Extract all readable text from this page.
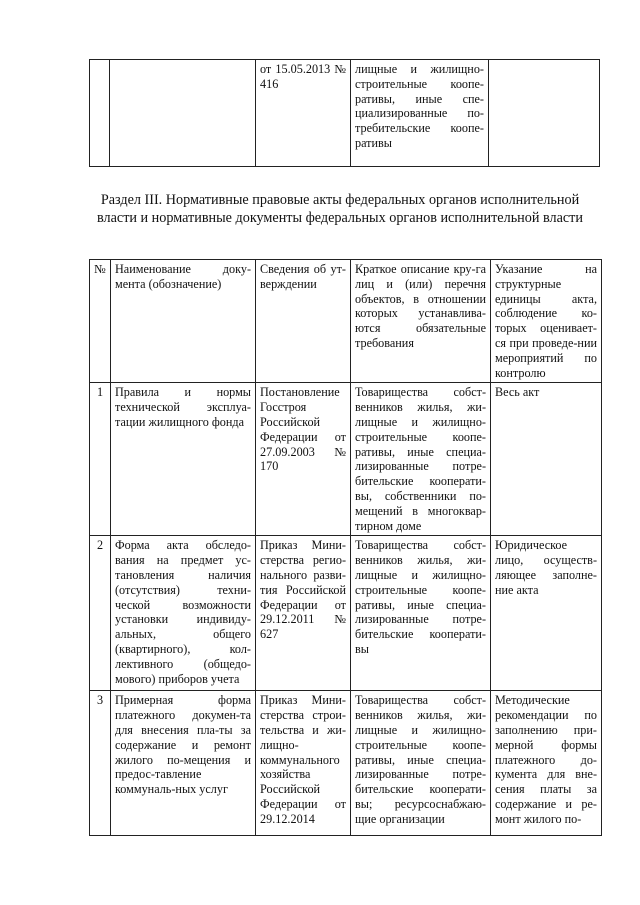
		от 15.05.2013 № 416	лищные и жилищно-строительные коопе-ративы, иные спе-циализированные по-требительские коопе-ративы	

Раздел III. Нормативные правовые акты федеральных органов исполнительной власти и нормативные документы федеральных органов исполнительной власти

№	Наименование доку-мента (обозначение)	Сведения об ут-верждении	Краткое описание кру-га лиц и (или) перечня объектов, в отношении которых устанавлива-ются обязательные требования	Указание на структурные единицы акта, соблюдение ко-торых оценивает-ся при проведе-нии мероприятий по контролю
1	Правила и нормы технической эксплуа-тации жилищного фонда	Постановление Госстроя Российской Федерации от 27.09.2003 № 170	Товарищества собст-венников жилья, жи-лищные и жилищно-строительные коопе-ративы, иные специа-лизированные потре-бительские кооперати-вы, собственники по-мещений в многоквар-тирном доме	Весь акт
2	Форма акта обследо-вания на предмет ус-тановления наличия (отсутствия) техни-ческой возможности установки индивиду-альных, общего (квартирного), кол-лективного (общедо-мового) приборов учета	Приказ Мини-стерства регио-нального разви-тия Российской Федерации от 29.12.2011 № 627	Товарищества собст-венников жилья, жи-лищные и жилищно-строительные коопе-ративы, иные специа-лизированные потре-бительские кооперати-вы	Юридическое лицо, осуществ-ляющее заполне-ние акта
3	Примерная форма платежного докумен-та для внесения пла-ты за содержание и ремонт жилого по-мещения и предос-тавление коммуналь-ных услуг	Приказ Мини-стерства строи-тельства и жи-лищно-коммунального хозяйства Российской Федерации от 29.12.2014	Товарищества собст-венников жилья, жи-лищные и жилищно-строительные коопе-ративы, иные специа-лизированные потре-бительские кооперати-вы; ресурсоснабжаю-щие организации	Методические рекомендации по заполнению при-мерной формы платежного до-кумента для вне-сения платы за содержание и ре-монт жилого по-
